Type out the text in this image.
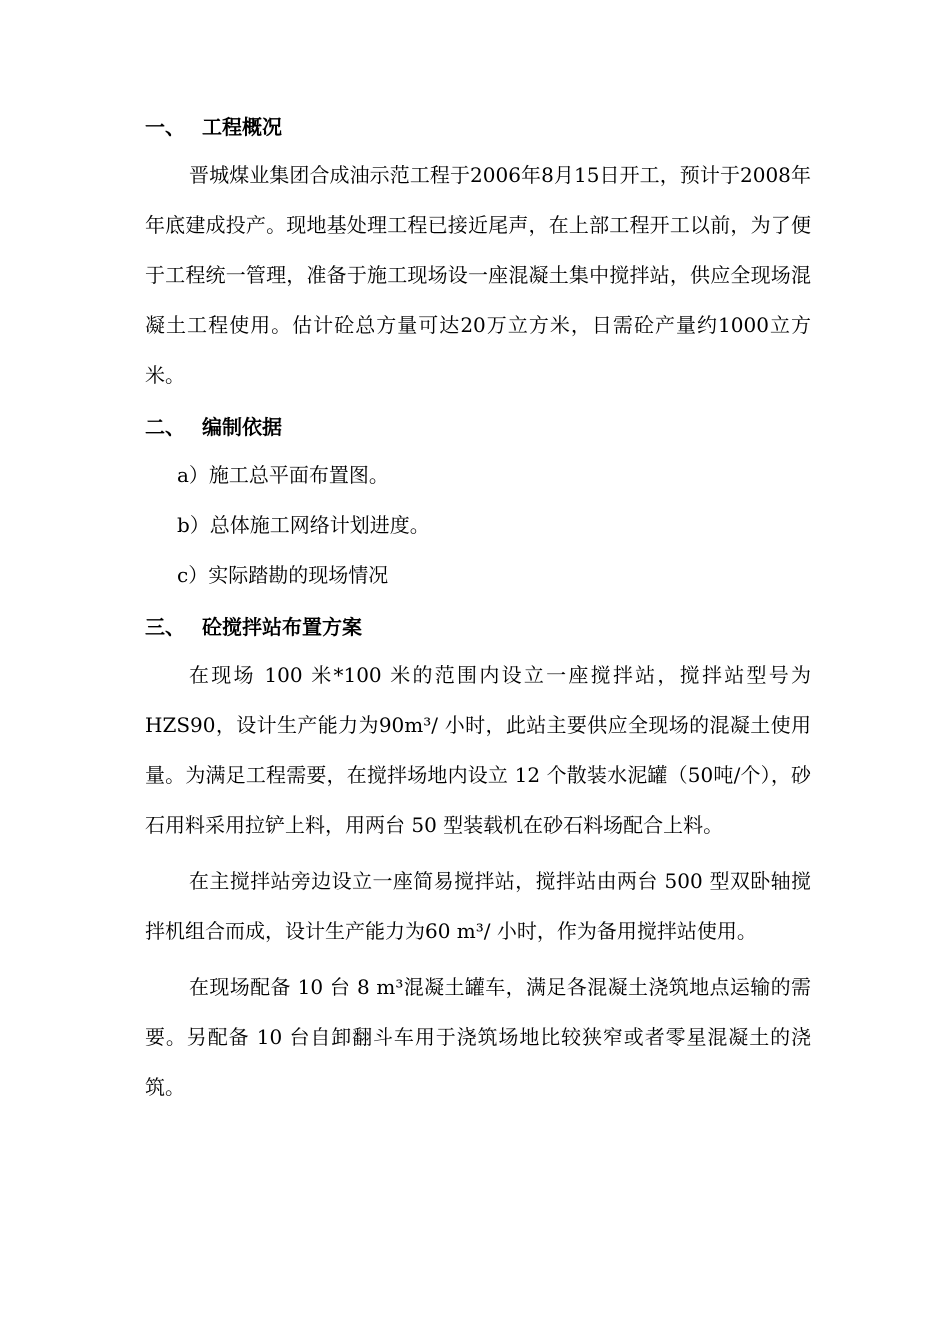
一、 工程概况

晋城煤业集团合成油示范工程于2006年8月15日开工，预计于2008年年底建成投产。现地基处理工程已接近尾声，在上部工程开工以前，为了便于工程统一管理，准备于施工现场设一座混凝土集中搅拌站，供应全现场混凝土工程使用。估计砼总方量可达20万立方米，日需砼产量约1000立方米。

二、 编制依据

a）施工总平面布置图。

b）总体施工网络计划进度。

c）实际踏勘的现场情况

三、 砼搅拌站布置方案

在现场 100 米*100 米的范围内设立一座搅拌站，搅拌站型号为HZS90，设计生产能力为90m³/ 小时，此站主要供应全现场的混凝土使用量。为满足工程需要，在搅拌场地内设立 12 个散装水泥罐（50吨/个），砂石用料采用拉铲上料，用两台 50 型装载机在砂石料场配合上料。

在主搅拌站旁边设立一座简易搅拌站，搅拌站由两台 500 型双卧轴搅拌机组合而成，设计生产能力为60 m³/ 小时，作为备用搅拌站使用。

在现场配备 10 台 8 m³混凝土罐车，满足各混凝土浇筑地点运输的需要。另配备 10 台自卸翻斗车用于浇筑场地比较狭窄或者零星混凝土的浇筑。
